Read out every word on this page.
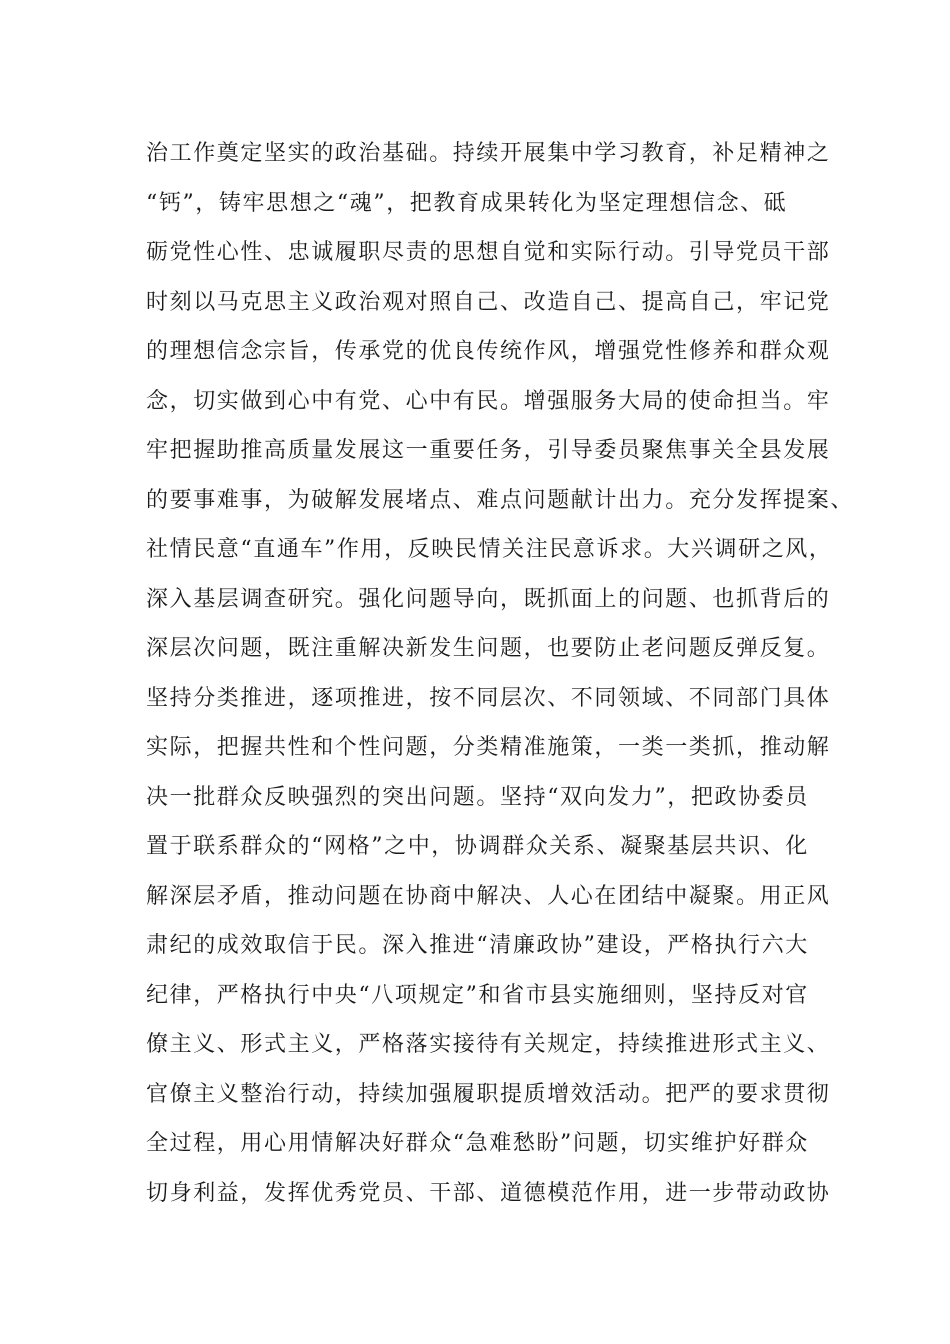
治工作奠定坚实的政治基础。持续开展集中学习教育，补足精神之
“钙”，铸牢思想之“魂”，把教育成果转化为坚定理想信念、砥
砺党性心性、忠诚履职尽责的思想自觉和实际行动。引导党员干部
时刻以马克思主义政治观对照自己、改造自己、提高自己，牢记党
的理想信念宗旨，传承党的优良传统作风，增强党性修养和群众观
念，切实做到心中有党、心中有民。增强服务大局的使命担当。牢
牢把握助推高质量发展这一重要任务，引导委员聚焦事关全县发展
的要事难事，为破解发展堵点、难点问题献计出力。充分发挥提案、
社情民意“直通车”作用，反映民情关注民意诉求。大兴调研之风，
深入基层调查研究。强化问题导向，既抓面上的问题、也抓背后的
深层次问题，既注重解决新发生问题，也要防止老问题反弹反复。
坚持分类推进，逐项推进，按不同层次、不同领域、不同部门具体
实际，把握共性和个性问题，分类精准施策，一类一类抓，推动解
决一批群众反映强烈的突出问题。坚持“双向发力”，把政协委员
置于联系群众的“网格”之中，协调群众关系、凝聚基层共识、化
解深层矛盾，推动问题在协商中解决、人心在团结中凝聚。用正风
肃纪的成效取信于民。深入推进“清廉政协”建设，严格执行六大
纪律，严格执行中央“八项规定”和省市县实施细则，坚持反对官
僚主义、形式主义，严格落实接待有关规定，持续推进形式主义、
官僚主义整治行动，持续加强履职提质增效活动。把严的要求贯彻
全过程，用心用情解决好群众“急难愁盼”问题，切实维护好群众
切身利益，发挥优秀党员、干部、道德模范作用，进一步带动政协
